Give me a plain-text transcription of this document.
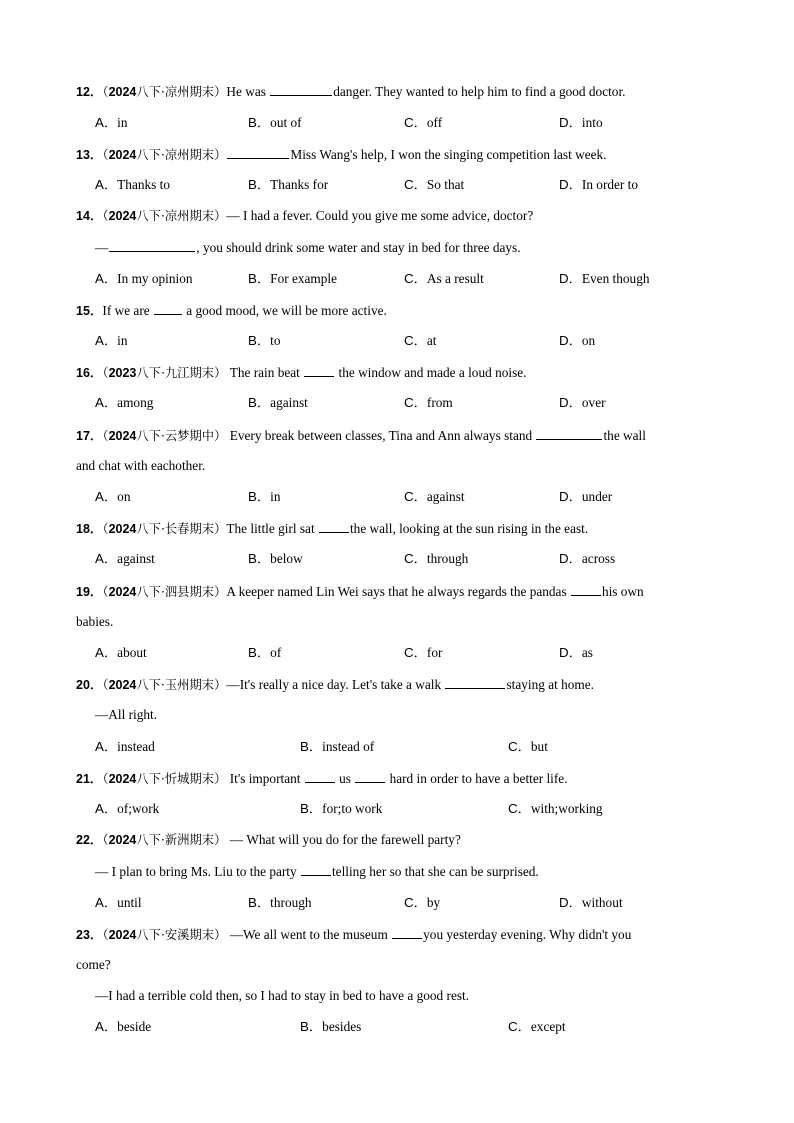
12．（2024八下·凉州期末）He was	danger. They wanted to help him to find a good doctor.
A．in	B．out of	C．off	D．into
13．（2024八下·凉州期末）	Miss Wang's help, I won the singing competition last week.
A．Thanks to	B．Thanks for	C．So that	D．In order to
14．（2024八下·凉州期末）— I had a fever. Could you give me some advice, doctor?
—	, you should drink some water and stay in bed for three days.
A．In my opinion	B．For example	C．As a result	D．Even though
15．If we are  a good mood, we will be more active.
A．in	B．to	C．at	D．on
16．（2023八下·九江期末） The rain beat  the window and made a loud noise.
A．among	B．against	C．from	D．over
17．（2024八下·云梦期中） Every break between classes, Tina and Ann always stand	the wall
and chat with eachother.
A．on	B．in	C．against	D．under
18．（2024八下·长春期末）The little girl sat the wall, looking at the sun rising in the east.
A．against	B．below	C．through	D．across
19．（2024八下·泗县期末）A keeper named Lin Wei says that he always regards the pandas his own
babies.
A．about	B．of	C．for	D．as
20．（2024八下·玉州期末）—It's really a nice day. Let's take a walk	staying at home.
—All right.
A．instead	B．instead of	C．but
21．（2024八下·忻城期末） It's important  us  hard in order to have a better life.
A．of;work	B．for;to work	C．with;working
22．（2024八下·新洲期末） — What will you do for the farewell party?
— I plan to bring Ms. Liu to the party telling her so that she can be surprised.
A．until	B．through	C．by	D．without
23．（2024八下·安溪期末） —We all went to the museum you yesterday evening. Why didn't you
come?
—I had a terrible cold then, so I had to stay in bed to have a good rest.
A．beside	B．besides	C．except
